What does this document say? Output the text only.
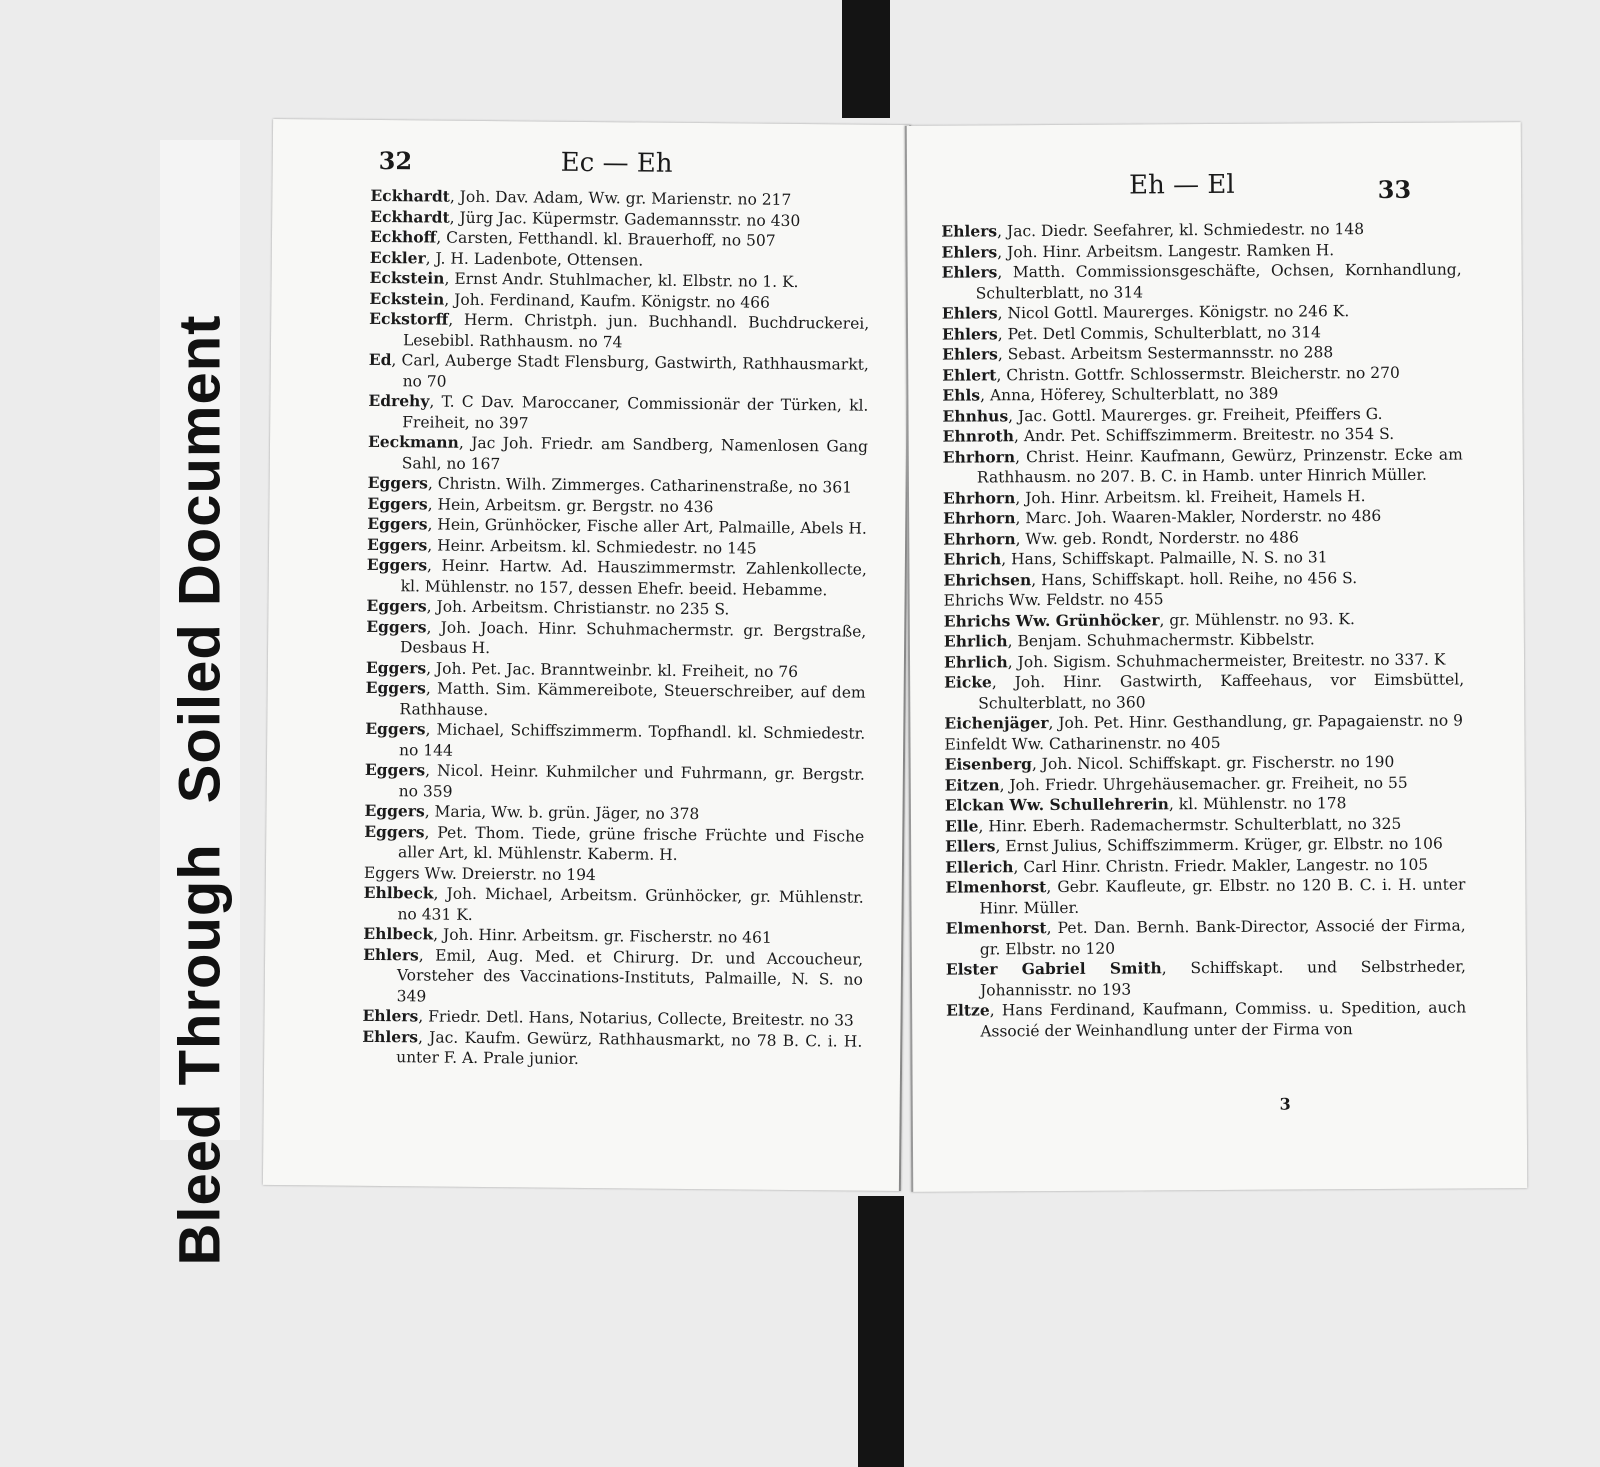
Bleed ThroughSoiled Document
32	Ec — Eh
Eckhardt, Joh. Dav. Adam, Ww. gr. Marienstr. no 217
Eckhardt, Jürg Jac. Küpermstr. Gademannsstr. no 430
Eckhoff, Carsten, Fetthandl. kl. Brauerhoff, no 507
Eckler, J. H. Ladenbote, Ottensen.
Eckstein, Ernst Andr. Stuhlmacher, kl. Elbstr. no 1. K.
Eckstein, Joh. Ferdinand, Kaufm. Königstr. no 466
Eckstorff, Herm. Christph. jun. Buchhandl. Buchdruckerei, Lesebibl. Rathhausm. no 74
Ed, Carl, Auberge Stadt Flensburg, Gastwirth, Rathhausmarkt, no 70
Edrehy, T. C Dav. Maroccaner, Commissionär der Türken, kl. Freiheit, no 397
Eeckmann, Jac Joh. Friedr. am Sandberg, Namenlosen Gang Sahl, no 167
Eggers, Christn. Wilh. Zimmerges. Catharinenstraße, no 361
Eggers, Hein, Arbeitsm. gr. Bergstr. no 436
Eggers, Hein, Grünhöcker, Fische aller Art, Palmaille, Abels H.
Eggers, Heinr. Arbeitsm. kl. Schmiedestr. no 145
Eggers, Heinr. Hartw. Ad. Hauszimmermstr. Zahlenkollecte, kl. Mühlenstr. no 157, dessen Ehefr. beeid. Hebamme.
Eggers, Joh. Arbeitsm. Christianstr. no 235 S.
Eggers, Joh. Joach. Hinr. Schuhmachermstr. gr. Bergstraße, Desbaus H.
Eggers, Joh. Pet. Jac. Branntweinbr. kl. Freiheit, no 76
Eggers, Matth. Sim. Kämmereibote, Steuerschreiber, auf dem Rathhause.
Eggers, Michael, Schiffszimmerm. Topfhandl. kl. Schmiedestr. no 144
Eggers, Nicol. Heinr. Kuhmilcher und Fuhrmann, gr. Bergstr. no 359
Eggers, Maria, Ww. b. grün. Jäger, no 378
Eggers, Pet. Thom. Tiede, grüne frische Früchte und Fische aller Art, kl. Mühlenstr. Kaberm. H.
Eggers Ww. Dreierstr. no 194
Ehlbeck, Joh. Michael, Arbeitsm. Grünhöcker, gr. Mühlenstr. no 431 K.
Ehlbeck, Joh. Hinr. Arbeitsm. gr. Fischerstr. no 461
Ehlers, Emil, Aug. Med. et Chirurg. Dr. und Accoucheur, Vorsteher des Vaccinations-Instituts, Palmaille, N. S. no 349
Ehlers, Friedr. Detl. Hans, Notarius, Collecte, Breitestr. no 33
Ehlers, Jac. Kaufm. Gewürz, Rathhausmarkt, no 78 B. C. i. H. unter F. A. Prale junior.
Eh — El	33
Ehlers, Jac. Diedr. Seefahrer, kl. Schmiedestr. no 148
Ehlers, Joh. Hinr. Arbeitsm. Langestr. Ramken H.
Ehlers, Matth. Commissionsgeschäfte, Ochsen, Kornhandlung, Schulterblatt, no 314
Ehlers, Nicol Gottl. Maurerges. Königstr. no 246 K.
Ehlers, Pet. Detl Commis, Schulterblatt, no 314
Ehlers, Sebast. Arbeitsm Sestermannsstr. no 288
Ehlert, Christn. Gottfr. Schlossermstr. Bleicherstr. no 270
Ehls, Anna, Höferey, Schulterblatt, no 389
Ehnhus, Jac. Gottl. Maurerges. gr. Freiheit, Pfeiffers G.
Ehnroth, Andr. Pet. Schiffszimmerm. Breitestr. no 354 S.
Ehrhorn, Christ. Heinr. Kaufmann, Gewürz, Prinzenstr. Ecke am Rathhausm. no 207. B. C. in Hamb. unter Hinrich Müller.
Ehrhorn, Joh. Hinr. Arbeitsm. kl. Freiheit, Hamels H.
Ehrhorn, Marc. Joh. Waaren-Makler, Norderstr. no 486
Ehrhorn, Ww. geb. Rondt, Norderstr. no 486
Ehrich, Hans, Schiffskapt. Palmaille, N. S. no 31
Ehrichsen, Hans, Schiffskapt. holl. Reihe, no 456 S.
Ehrichs Ww. Feldstr. no 455
Ehrichs Ww. Grünhöcker, gr. Mühlenstr. no 93. K.
Ehrlich, Benjam. Schuhmachermstr. Kibbelstr.
Ehrlich, Joh. Sigism. Schuhmachermeister, Breitestr. no 337. K
Eicke, Joh. Hinr. Gastwirth, Kaffeehaus, vor Eimsbüttel, Schulterblatt, no 360
Eichenjäger, Joh. Pet. Hinr. Gesthandlung, gr. Papagaienstr. no 9
Einfeldt Ww. Catharinenstr. no 405
Eisenberg, Joh. Nicol. Schiffskapt. gr. Fischerstr. no 190
Eitzen, Joh. Friedr. Uhrgehäusemacher. gr. Freiheit, no 55
Elckan Ww. Schullehrerin, kl. Mühlenstr. no 178
Elle, Hinr. Eberh. Rademachermstr. Schulterblatt, no 325
Ellers, Ernst Julius, Schiffszimmerm. Krüger, gr. Elbstr. no 106
Ellerich, Carl Hinr. Christn. Friedr. Makler, Langestr. no 105
Elmenhorst, Gebr. Kaufleute, gr. Elbstr. no 120 B. C. i. H. unter Hinr. Müller.
Elmenhorst, Pet. Dan. Bernh. Bank-Director, Associé der Firma, gr. Elbstr. no 120
Elster Gabriel Smith, Schiffskapt. und Selbstrheder, Johannisstr. no 193
Eltze, Hans Ferdinand, Kaufmann, Commiss. u. Spedition, auch Associé der Weinhandlung unter der Firma von
3
